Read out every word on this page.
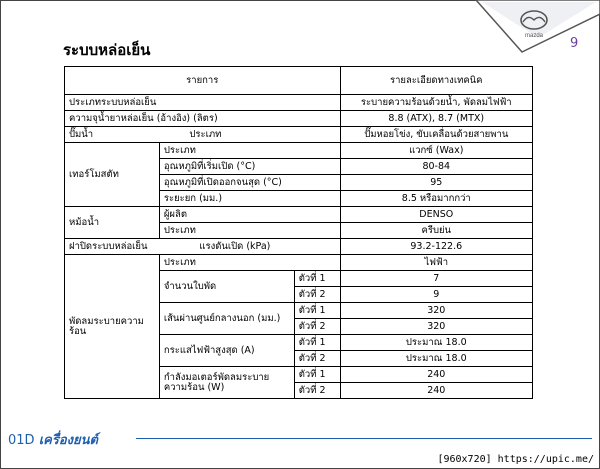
mazda 9
ระบบหล่อเย็น
รายการ			รายละเอียดทางเทคนิค
ประเภทระบบหล่อเย็น			ระบายความร้อนด้วยน้ำ, พัดลมไฟฟ้า
ความจุน้ำยาหล่อเย็น (อ้างอิง) (ลิตร)			8.8 (ATX), 8.7 (MTX)
ปั๊มน้ำ	ประเภท		ปั๊มหอยโข่ง, ขับเคลื่อนด้วยสายพาน
เทอร์โมสตัท	ประเภท		แวกซ์ (Wax)
	อุณหภูมิที่เริ่มเปิด (°C)		80-84
	อุณหภูมิที่เปิดออกจนสุด (°C)		95
	ระยะยก (มม.)		8.5 หรือมากกว่า
หม้อน้ำ	ผู้ผลิต		DENSO
	ประเภท		ครีบย่น
ฝาปิดระบบหล่อเย็น	แรงดันเปิด (kPa)		93.2-122.6
พัดลมระบายความร้อน	ประเภท		ไฟฟ้า
	จำนวนใบพัด	ตัวที่ 1	7
		ตัวที่ 2	9
	เส้นผ่านศูนย์กลางนอก (มม.)	ตัวที่ 1	320
		ตัวที่ 2	320
	กระแสไฟฟ้าสูงสุด (A)	ตัวที่ 1	ประมาณ 18.0
		ตัวที่ 2	ประมาณ 18.0
	กำลังมอเตอร์พัดลมระบายความร้อน (W)	ตัวที่ 1	240
		ตัวที่ 2	240
01D เครื่องยนต์
[960x720] https://upic.me/
